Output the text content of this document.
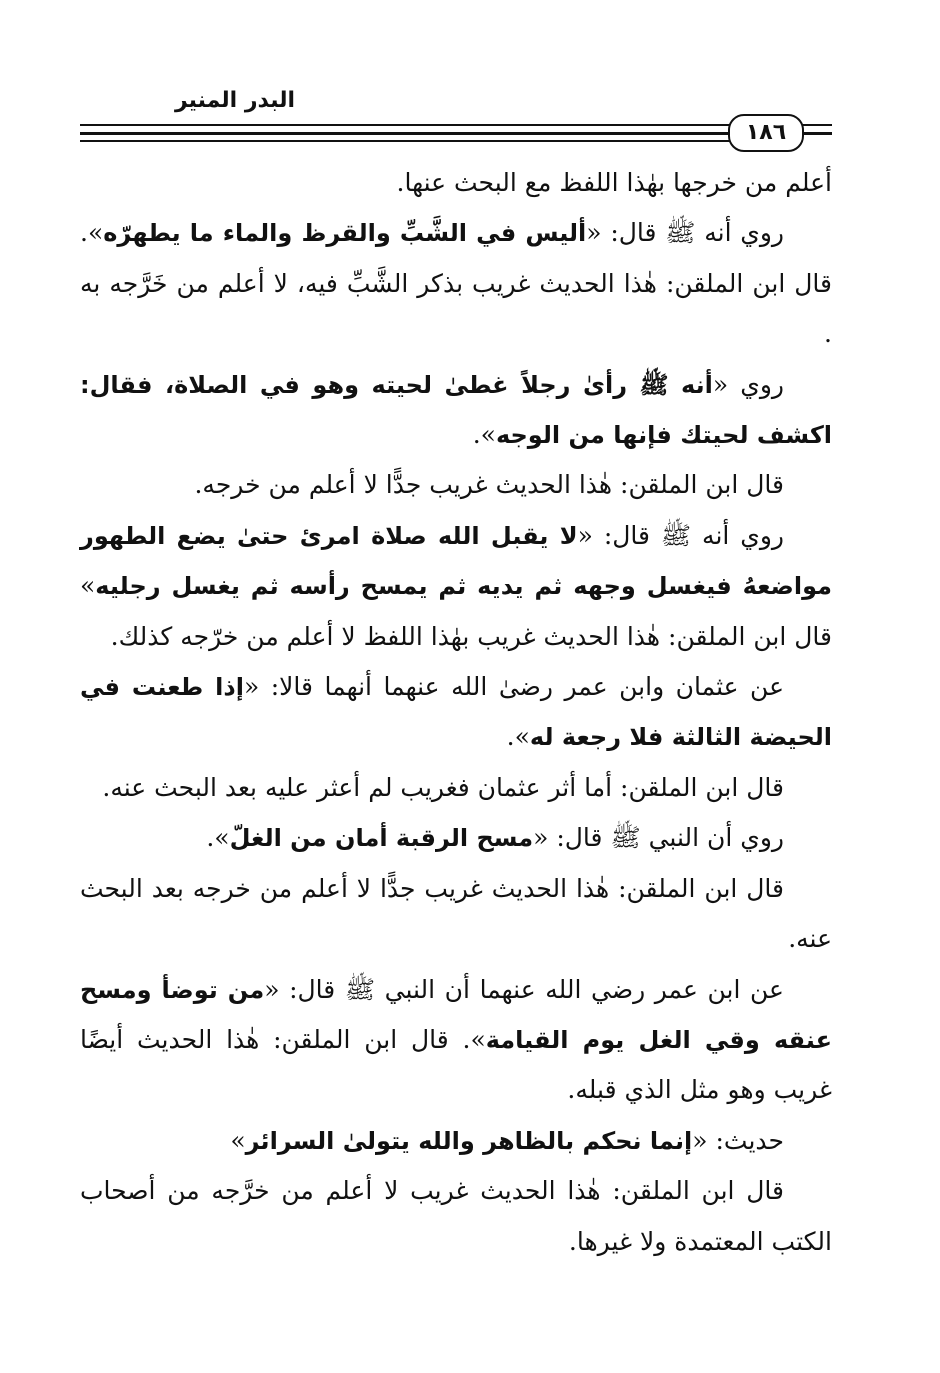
البدر المنير
١٨٦

أعلم من خرجها بهٰذا اللفظ مع البحث عنها.

روي أنه ﷺ قال: «أليس في الشَّبِّ والقرظ والماء ما يطهرّه». قال ابن الملقن: هٰذا الحديث غريب بذكر الشَّبِّ فيه، لا أعلم من خَرَّجه به .

روي «أنه ﷺ رأىٰ رجلاً غطىٰ لحيته وهو في الصلاة، فقال: اكشف لحيتك فإنها من الوجه».

قال ابن الملقن: هٰذا الحديث غريب جدًّا لا أعلم من خرجه.

روي أنه ﷺ قال: «لا يقبل الله صلاة امرئ حتىٰ يضع الطهور مواضعهُ فيغسل وجهه ثم يديه ثم يمسح رأسه ثم يغسل رجليه» قال ابن الملقن: هٰذا الحديث غريب بهٰذا اللفظ لا أعلم من خرّجه كذلك.

عن عثمان وابن عمر رضىٰ الله عنهما أنهما قالا: «إذا طعنت في الحيضة الثالثة فلا رجعة له».

قال ابن الملقن: أما أثر عثمان فغريب لم أعثر عليه بعد البحث عنه.

روي أن النبي ﷺ قال: «مسح الرقبة أمان من الغلّ».

قال ابن الملقن: هٰذا الحديث غريب جدًّا لا أعلم من خرجه بعد البحث عنه.

عن ابن عمر رضي الله عنهما أن النبي ﷺ قال: «من توضأ ومسح عنقه وقي الغل يوم القيامة». قال ابن الملقن: هٰذا الحديث أيضًا غريب وهو مثل الذي قبله.

حديث: «إنما نحكم بالظاهر والله يتولىٰ السرائر»

قال ابن الملقن: هٰذا الحديث غريب لا أعلم من خرَّجه من أصحاب الكتب المعتمدة ولا غيرها.
